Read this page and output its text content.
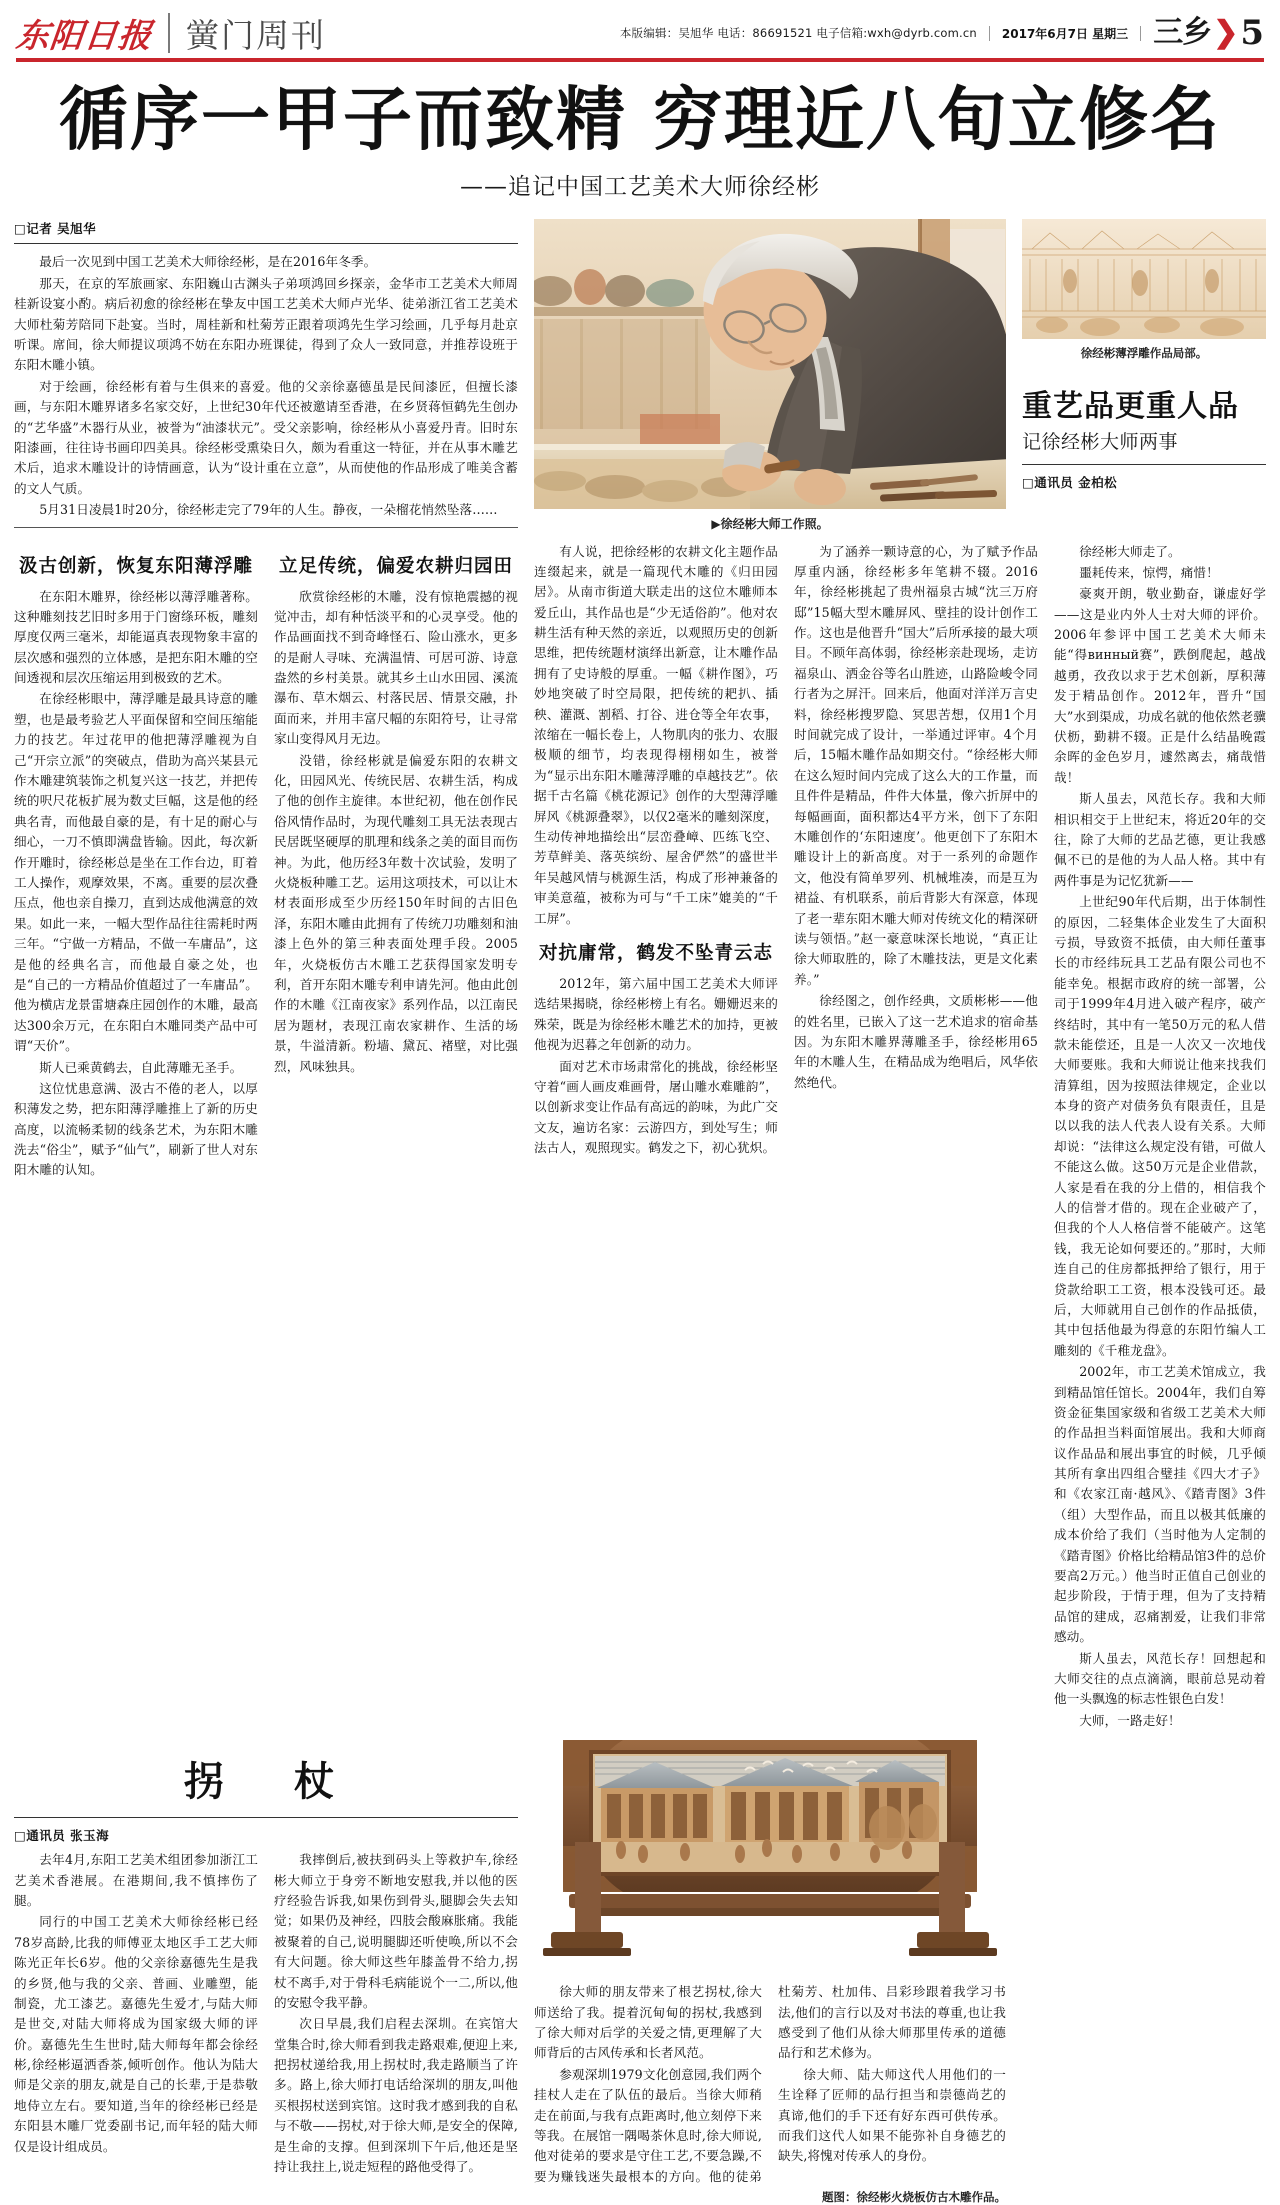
东阳日报 黉门周刊	本版编辑：吴旭华 电话：86691521 电子信箱:wxh@dyrb.com.cn 2017年6月7日 星期三 三乡 ❯ 5
循序一甲子而致精 穷理近八旬立修名
——追记中国工艺美术大师徐经彬
□记者 吴旭华

最后一次见到中国工艺美术大师徐经彬，是在2016年冬季。

那天，在京的军旅画家、东阳巍山古渊头子弟项鸿回乡探亲，金华市工艺美术大师周桂新设宴小酌。病后初愈的徐经彬在挚友中国工艺美术大师卢光华、徒弟浙江省工艺美术大师杜菊芳陪同下赴宴。当时，周桂新和杜菊芳正跟着项鸿先生学习绘画，几乎每月赴京听课。席间，徐大师提议项鸿不妨在东阳办班课徒，得到了众人一致同意，并推荐设班于东阳木雕小镇。

对于绘画，徐经彬有着与生俱来的喜爱。他的父亲徐嘉德虽是民间漆匠，但擅长漆画，与东阳木雕界诸多名家交好，上世纪30年代还被邀请至香港，在乡贤蒋恒鹤先生创办的“艺华盛”木器行从业，被誉为“油漆状元”。受父亲影响，徐经彬从小喜爱丹青。旧时东阳漆画，往往诗书画印四美具。徐经彬受熏染日久，颇为看重这一特征，并在从事木雕艺术后，追求木雕设计的诗情画意，认为“设计重在立意”，从而使他的作品形成了唯美含蓄的文人气质。

5月31日凌晨1时20分，徐经彬走完了79年的人生。静夜，一朵榴花悄然坠落……

▶徐经彬大师工作照。
徐经彬薄浮雕作品局部。
重艺品更重人品
记徐经彬大师两事
□通讯员 金柏松
汲古创新，恢复东阳薄浮雕

在东阳木雕界，徐经彬以薄浮雕著称。这种雕刻技艺旧时多用于门窗绦环板，雕刻厚度仅两三毫米，却能逼真表现物象丰富的层次感和强烈的立体感，是把东阳木雕的空间透视和层次压缩运用到极致的艺术。

在徐经彬眼中，薄浮雕是最具诗意的雕塑，也是最考验艺人平面保留和空间压缩能力的技艺。年过花甲的他把薄浮雕视为自己“开宗立派”的突破点，借助为高兴某县元作木雕建筑装饰之机复兴这一技艺，并把传统的呎尺花板扩展为数丈巨幅，这是他的经典名青，而他最自豪的是，有十足的耐心与细心，一刀不慎即满盘皆输。因此，每次新作开雕时，徐经彬总是坐在工作台边，盯着工人操作，观摩效果，不离。重要的层次叠压点，他也亲自操刀，直到达成他满意的效果。如此一来，一幅大型作品往往需耗时两三年。“宁做一方精品，不做一车庸品”，这是他的经典名言，而他最自豪之处，也是“自己的一方精品价值超过了一车庸品”。他为横店龙景雷塘森庄园创作的木雕，最高达300余万元，在东阳白木雕同类产品中可谓“天价”。

斯人已乘黄鹤去，自此薄雕无圣手。

这位忧患意满、汲古不倦的老人，以厚积薄发之势，把东阳薄浮雕推上了新的历史高度，以流畅柔韧的线条艺术，为东阳木雕洗去“俗尘”，赋予“仙气”，刷新了世人对东阳木雕的认知。

立足传统，偏爱农耕归园田

欣赏徐经彬的木雕，没有惊艳震撼的视觉冲击，却有种恬淡平和的心灵享受。他的作品画面找不到奇峰怪石、险山涨水，更多的是耐人寻味、充满温情、可居可游、诗意盎然的乡村美景。就其乡土山水田园、溪流瀑布、草木烟云、村落民居、情景交融，扑面而来，并用丰富尺幅的东阳符号，让寻常家山变得风月无边。

没错，徐经彬就是偏爱东阳的农耕文化，田园风光、传统民居、农耕生活，构成了他的创作主旋律。本世纪初，他在创作民俗风情作品时，为现代雕刻工具无法表现古民居既坚硬厚的肌理和线条之美的面目而伤神。为此，他历经3年数十次试验，发明了火烧板种雕工艺。运用这项技术，可以让木材表面形成至少历经150年时间的古旧色泽，东阳木雕由此拥有了传统刀功雕刻和油漆上色外的第三种表面处理手段。2005年，火烧板仿古木雕工艺获得国家发明专利，首开东阳木雕专利申请先河。他由此创作的木雕《江南夜家》系列作品，以江南民居为题材，表现江南农家耕作、生活的场景，牛溢清新。粉墙、黛瓦、褚壁，对比强烈，风味独具。

有人说，把徐经彬的农耕文化主题作品连缀起来，就是一篇现代木雕的《归田园居》。从南市街道大联走出的这位木雕师本爱丘山，其作品也是“少无适俗韵”。他对农耕生活有种天然的亲近，以观照历史的创新思维，把传统题材演绎出新意，让木雕作品拥有了史诗般的厚重。一幅《耕作图》，巧妙地突破了时空局限，把传统的耙扒、插秧、灌溉、割稻、打谷、进仓等全年农事，浓缩在一幅长卷上，人物肌肉的张力、农服极顺的细节，均表现得栩栩如生，被誉为“显示出东阳木雕薄浮雕的卓越技艺”。依据千古名篇《桃花源记》创作的大型薄浮雕屏风《桃源叠翠》，以仅2毫米的雕刻深度，生动传神地描绘出“层峦叠嶂、匹练飞空、芳草鲜美、落英缤纷、屋舍俨然”的盛世半年吴越风情与桃源生活，构成了形神兼备的审美意蕴，被称为可与“千工床”媲美的“千工屏”。

对抗庸常，鹤发不坠青云志

2012年，第六届中国工艺美术大师评选结果揭晓，徐经彬榜上有名。姗姗迟来的殊荣，既是为徐经彬木雕艺术的加持，更被他视为迟暮之年创新的动力。

面对艺术市场肃常化的挑战，徐经彬坚守着“画人画皮难画骨，屠山雕水难雕韵”，以创新求变让作品有高远的韵味，为此广交文友，遍访名家：云游四方，到处写生；师法古人，观照现实。鹤发之下，初心犹炽。

为了涵养一颗诗意的心，为了赋予作品厚重内涵，徐经彬多年笔耕不辍。2016年，徐经彬挑起了贵州福泉古城“沈三万府邸”15幅大型木雕屏风、壁挂的设计创作工作。这也是他晋升“国大”后所承接的最大项目。不顾年高体弱，徐经彬亲赴现场，走访福泉山、洒金谷等名山胜迹，山路险峻令同行者为之屏汗。回来后，他面对洋洋万言史料，徐经彬搜罗隐、冥思苦想，仅用1个月时间就完成了设计，一举通过评审。4个月后，15幅木雕作品如期交付。“徐经彬大师在这么短时间内完成了这么大的工作量，而且件件是精品，件件大体量，像六折屏中的每幅画面，面积都达4平方米，创下了东阳木雕创作的‘东阳速度’。他更创下了东阳木雕设计上的新高度。对于一系列的命题作文，他没有简单罗列、机械堆凑，而是互为裙益、有机联系，前后背影大有深意，体现了老一辈东阳木雕大师对传统文化的精深研读与领悟。”赵一豪意味深长地说，“真正让徐大师取胜的，除了木雕技法，更是文化素养。”

徐经图之，创作经典，文质彬彬——他的姓名里，已嵌入了这一艺术追求的宿命基因。为东阳木雕界薄雕圣手，徐经彬用65年的木雕人生，在精品成为绝唱后，风华依然绝代。

徐经彬大师走了。

噩耗传来，惊愕，痛惜！

豪爽开朗，敬业勤奋，谦虚好学——这是业内外人士对大师的评价。2006年参评中国工艺美术大师未能“得винный赛”，跌倒爬起，越战越勇，孜孜以求于艺术创新，厚积薄发于精品创作。2012年，晋升“国大”水到渠成，功成名就的他依然老骥伏枥，勤耕不辍。正是什么结晶晚霞余晖的金色岁月，遽然离去，痛哉惜哉！

斯人虽去，风范长存。我和大师相识相交于上世纪末，将近20年的交往，除了大师的艺品艺德，更让我感佩不已的是他的为人品人格。其中有两件事是为记忆犹新——

上世纪90年代后期，出于体制性的原因，二轻集体企业发生了大面积亏损，导致资不抵债，由大师任董事长的市经纬玩具工艺品有限公司也不能幸免。根据市政府的统一部署，公司于1999年4月进入破产程序，破产终结时，其中有一笔50万元的私人借款未能偿还，且是一人次又一次地伐大师要账。我和大师说让他来找我们清算组，因为按照法律规定，企业以本身的资产对债务负有限责任，且是以以我的法人代表人设有关系。大师却说：“法律这么规定没有错，可做人不能这么做。这50万元是企业借款，人家是看在我的分上借的，相信我个人的信誉才借的。现在企业破产了，但我的个人人格信誉不能破产。这笔钱，我无论如何要还的。”那时，大师连自己的住房都抵押给了银行，用于贷款给职工工资，根本没钱可还。最后，大师就用自己创作的作品抵债，其中包括他最为得意的东阳竹编人工雕刻的《千稚龙盘》。

2002年，市工艺美术馆成立，我到精品馆任馆长。2004年，我们自筹资金征集国家级和省级工艺美术大师的作品担当料面馆展出。我和大师商议作品品和展出事宜的时候，几乎倾其所有拿出四组合璧挂《四大才子》和《农家江南·越风》、《踏青图》3件（组）大型作品，而且以极其低廉的成本价给了我们（当时他为人定制的《踏青图》价格比给精品馆3件的总价要高2万元。）他当时正值自己创业的起步阶段，于情于理，但为了支持精品馆的建成，忍痛割爱，让我们非常感动。

斯人虽去，风范长存！回想起和大师交往的点点滴滴，眼前总晃动着他一头飘逸的标志性银色白发！

大师，一路走好！

拐 杖
□通讯员 张玉海

去年4月,东阳工艺美术组团参加浙江工艺美术香港展。在港期间,我不慎摔伤了腿。

同行的中国工艺美术大师徐经彬已经78岁高龄,比我的师傅亚太地区手工艺大师陈光正年长6岁。他的父亲徐嘉德先生是我的乡贤,他与我的父亲、普画、业雕塑，能制瓷，尤工漆艺。嘉德先生爱才,与陆大师是世交,对陆大师将成为国家级大师的评价。嘉德先生生世时,陆大师每年都会徐经彬,徐经彬逼洒香茶,倾听创作。他认为陆大师是父亲的朋友,就是自己的长辈,于是恭敬地侍立左右。要知道,当年的徐经彬已经是东阳县木雕厂党委副书记,而年轻的陆大师仅是设计组成员。

我摔倒后,被扶到码头上等救护车,徐经彬大师立于身旁不断地安慰我,并以他的医疗经验告诉我,如果伤到骨头,腿脚会失去知觉；如果仍及神经，四肢会酸麻胀痛。我能被聚着的自己,说明腿脚还听使唤,所以不会有大问题。徐大师这些年膝盖骨不给力,拐杖不离手,对于骨科毛病能说个一二,所以,他的安慰令我平静。

次日早晨,我们启程去深圳。在宾馆大堂集合时,徐大师看到我走路艰难,便迎上来,把拐杖递给我,用上拐杖时,我走路顺当了许多。路上,徐大师打电话给深圳的朋友,叫他买根拐杖送到宾馆。这时我才感到我的自私与不敬——拐杖,对于徐大师,是安全的保障,是生命的支撑。但到深圳下午后,他还是坚持让我拄上,说走短程的路他受得了。

徐大师的朋友带来了根艺拐杖,徐大师送给了我。提着沉甸甸的拐杖,我感到了徐大师对后学的关爱之情,更理解了大师背后的古风传承和长者风范。

参观深圳1979文化创意园,我们两个挂杖人走在了队伍的最后。当徐大师稍走在前面,与我有点距离时,他立刻停下来等我。在展馆一隅喝茶休息时,徐大师说,他对徒弟的要求是守住工艺,不要急躁,不要为赚钱迷失最根本的方向。他的徒弟杜菊芳、杜加伟、吕彩珍跟着我学习书法,他们的言行以及对书法的尊重,也让我感受到了他们从徐大师那里传承的道德品行和艺术修为。

徐大师、陆大师这代人用他们的一生诠释了匠师的品行担当和崇德尚艺的真谛,他们的手下还有好东西可供传承。而我们这代人如果不能弥补自身德艺的缺失,将愧对传承人的身份。

题图：徐经彬火烧板仿古木雕作品。
